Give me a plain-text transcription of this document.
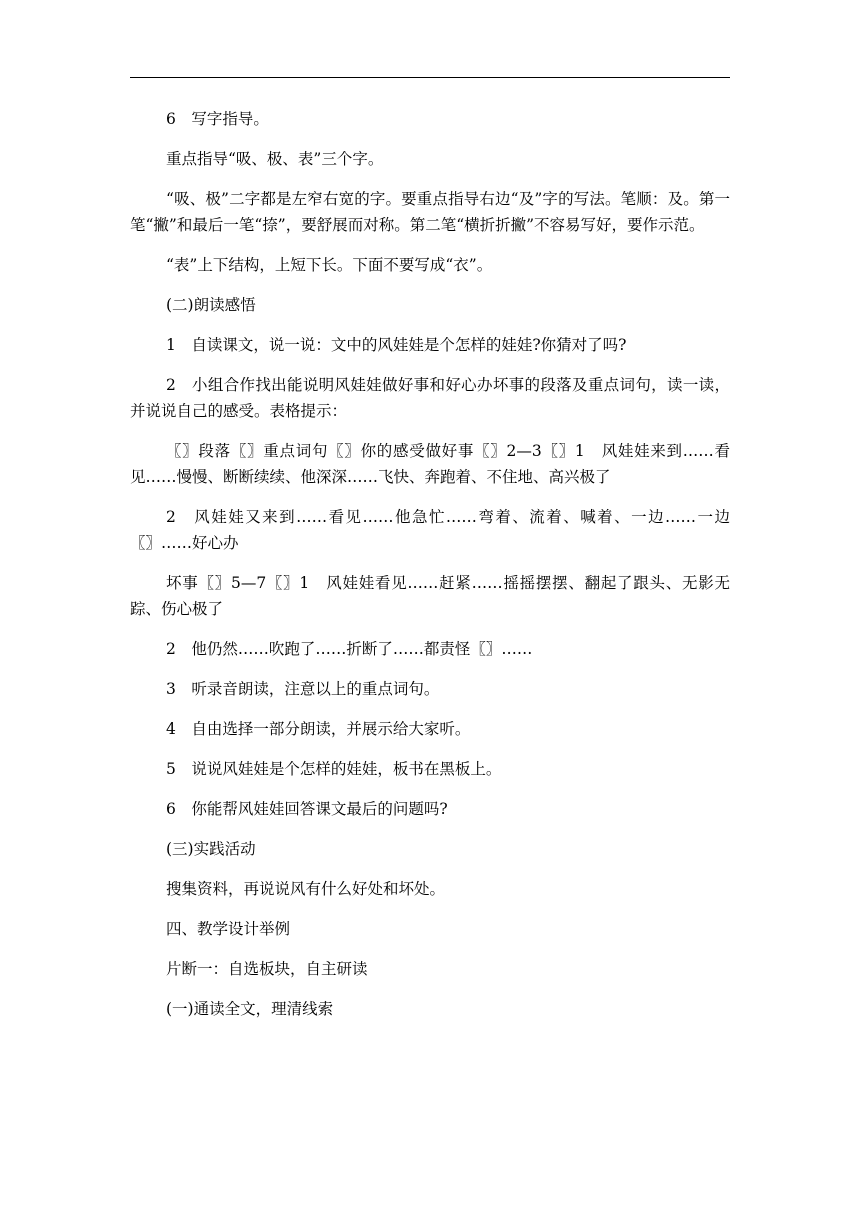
6　写字指导。

重点指导“吸、极、表”三个字。

“吸、极”二字都是左窄右宽的字。要重点指导右边“及”字的写法。笔顺：及。第一笔“撇”和最后一笔“捺”，要舒展而对称。第二笔“横折折撇”不容易写好，要作示范。

“表”上下结构，上短下长。下面不要写成“衣”。

(二)朗读感悟

1　自读课文，说一说：文中的风娃娃是个怎样的娃娃?你猜对了吗?

2　小组合作找出能说明风娃娃做好事和好心办坏事的段落及重点词句，读一读，并说说自己的感受。表格提示：

〖〗段落〖〗重点词句〖〗你的感受做好事〖〗2—3〖〗1　风娃娃来到……看见……慢慢、断断续续、他深深……飞快、奔跑着、不住地、高兴极了

2　风娃娃又来到……看见……他急忙……弯着、流着、喊着、一边……一边〖〗……好心办

坏事〖〗5—7〖〗1　风娃娃看见……赶紧……摇摇摆摆、翻起了跟头、无影无踪、伤心极了

2　他仍然……吹跑了……折断了……都责怪〖〗……

3　听录音朗读，注意以上的重点词句。

4　自由选择一部分朗读，并展示给大家听。

5　说说风娃娃是个怎样的娃娃，板书在黑板上。

6　你能帮风娃娃回答课文最后的问题吗?

(三)实践活动

搜集资料，再说说风有什么好处和坏处。

四、教学设计举例

片断一：自选板块，自主研读

(一)通读全文，理清线索
